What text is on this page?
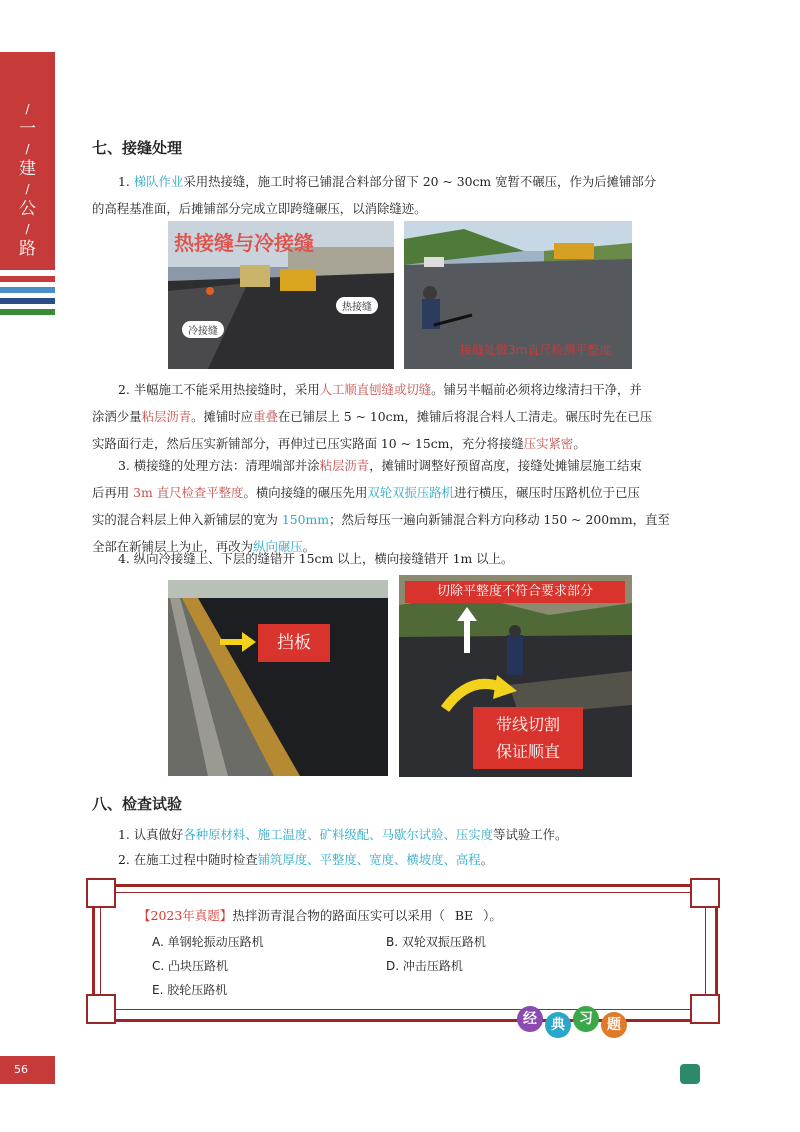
/
一
/
建
/
公
/
路
七、接缝处理
1. 梯队作业采用热接缝，施工时将已铺混合料部分留下 20 ~ 30cm 宽暂不碾压，作为后摊铺部分
的高程基准面，后摊铺部分完成立即跨缝碾压，以消除缝迹。
热接缝与冷接缝
热接缝
冷接缝
接缝处做3m直尺检测平整度
2. 半幅施工不能采用热接缝时，采用人工顺直刨缝或切缝。铺另半幅前必须将边缘清扫干净，并
涂洒少量粘层沥青。摊铺时应重叠在已铺层上 5 ~ 10cm，摊铺后将混合料人工清走。碾压时先在已压
实路面行走，然后压实新铺部分，再伸过已压实路面 10 ~ 15cm，充分将接缝压实紧密。
3. 横接缝的处理方法：清理端部并涂粘层沥青，摊铺时调整好预留高度，接缝处摊铺层施工结束
后再用 3m 直尺检查平整度。横向接缝的碾压先用双轮双振压路机进行横压，碾压时压路机位于已压
实的混合料层上伸入新铺层的宽为 150mm；然后每压一遍向新铺混合料方向移动 150 ~ 200mm，直至
全部在新铺层上为止，再改为纵向碾压。
4. 纵向冷接缝上、下层的缝错开 15cm 以上，横向接缝错开 1m 以上。
挡板
切除平整度不符合要求部分
带线切割
保证顺直
八、检查试验
1. 认真做好各种原材料、施工温度、矿料级配、马歇尔试验、压实度等试验工作。
2. 在施工过程中随时检查铺筑厚度、平整度、宽度、横坡度、高程。
【2023年真题】热拌沥青混合物的路面压实可以采用（ BE ）。
A. 单钢轮振动压路机	B. 双轮双振压路机
C. 凸块压路机	D. 冲击压路机
E. 胶轮压路机
经	典	习	题
56
